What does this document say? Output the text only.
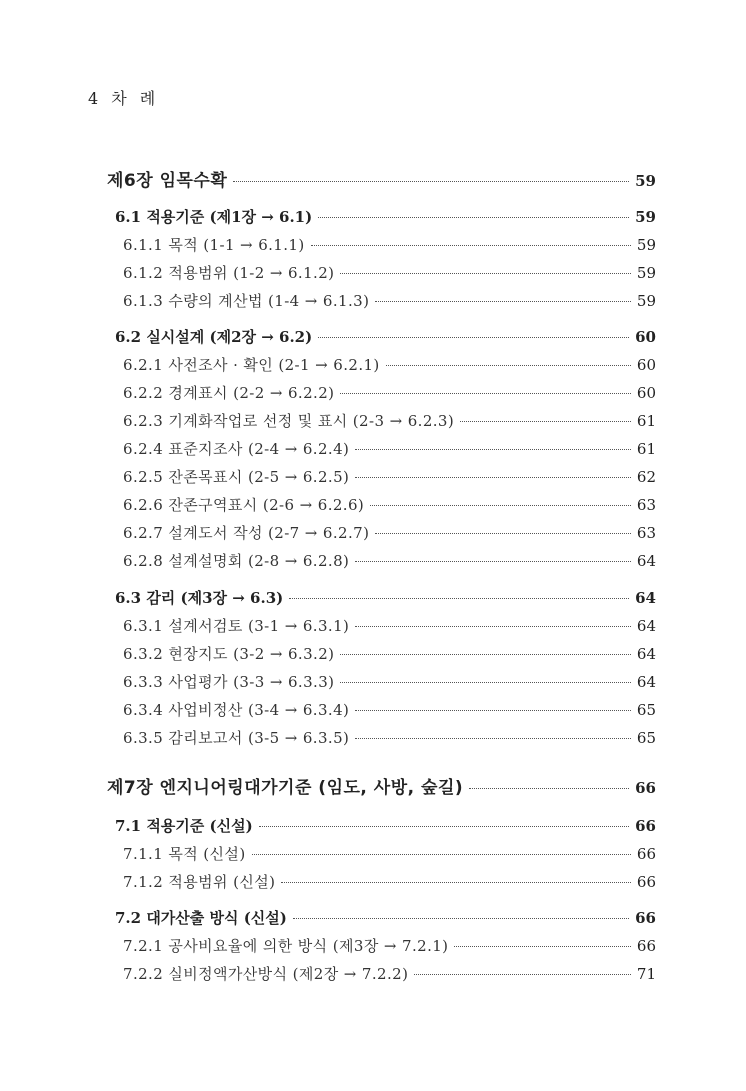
4 차 례
제6장 임목수확	59
6.1 적용기준 (제1장 → 6.1)	59
6.1.1 목적 (1-1 → 6.1.1)	59
6.1.2 적용범위 (1-2 → 6.1.2)	59
6.1.3 수량의 계산법 (1-4 → 6.1.3)	59
6.2 실시설계 (제2장 → 6.2)	60
6.2.1 사전조사 · 확인 (2-1 → 6.2.1)	60
6.2.2 경계표시 (2-2 → 6.2.2)	60
6.2.3 기계화작업로 선정 및 표시 (2-3 → 6.2.3)	61
6.2.4 표준지조사 (2-4 → 6.2.4)	61
6.2.5 잔존목표시 (2-5 → 6.2.5)	62
6.2.6 잔존구역표시 (2-6 → 6.2.6)	63
6.2.7 설계도서 작성 (2-7 → 6.2.7)	63
6.2.8 설계설명회 (2-8 → 6.2.8)	64
6.3 감리 (제3장 → 6.3)	64
6.3.1 설계서검토 (3-1 → 6.3.1)	64
6.3.2 현장지도 (3-2 → 6.3.2)	64
6.3.3 사업평가 (3-3 → 6.3.3)	64
6.3.4 사업비정산 (3-4 → 6.3.4)	65
6.3.5 감리보고서 (3-5 → 6.3.5)	65
제7장 엔지니어링대가기준 (임도, 사방, 숲길)	66
7.1 적용기준 (신설)	66
7.1.1 목적 (신설)	66
7.1.2 적용범위 (신설)	66
7.2 대가산출 방식 (신설)	66
7.2.1 공사비요율에 의한 방식 (제3장 → 7.2.1)	66
7.2.2 실비정액가산방식 (제2장 → 7.2.2)	71
